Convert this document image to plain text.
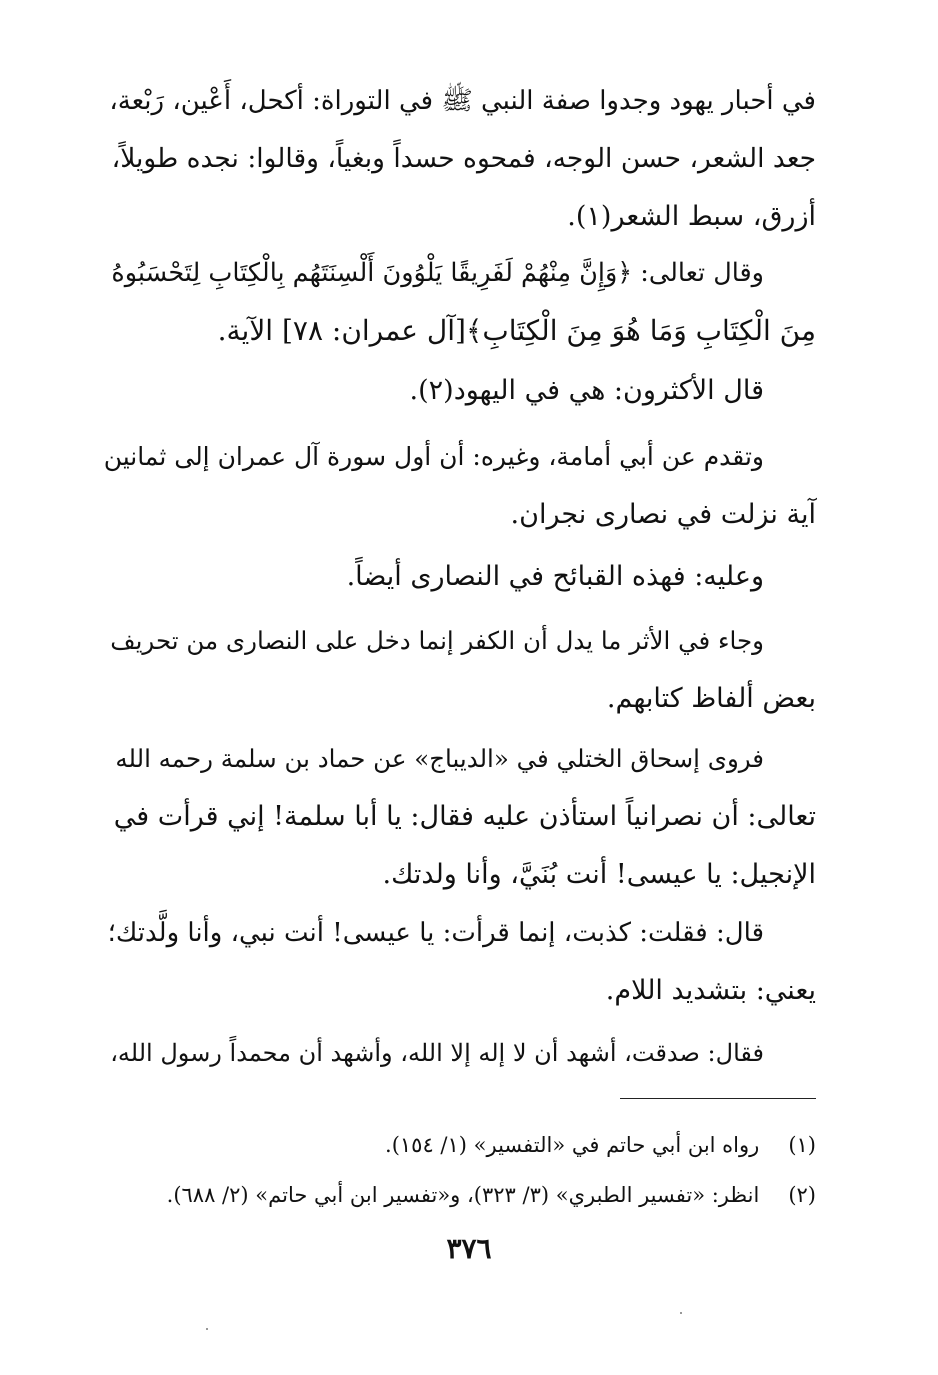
في أحبار يهود وجدوا صفة النبي ﷺ في التوراة: أكحل، أَعْين، رَبْعة،
جعد الشعر، حسن الوجه، فمحوه حسداً وبغياً، وقالوا: نجده طويلاً،
أزرق، سبط الشعر(١).
وقال تعالى: ﴿وَإِنَّ مِنْهُمْ لَفَرِيقًا يَلْوُونَ أَلْسِنَتَهُم بِالْكِتَابِ لِتَحْسَبُوهُ
مِنَ الْكِتَابِ وَمَا هُوَ مِنَ الْكِتَابِ﴾[آل عمران: ٧٨] الآية.
قال الأكثرون: هي في اليهود(٢).
وتقدم عن أبي أمامة، وغيره: أن أول سورة آل عمران إلى ثمانين
آية نزلت في نصارى نجران.
وعليه: فهذه القبائح في النصارى أيضاً.
وجاء في الأثر ما يدل أن الكفر إنما دخل على النصارى من تحريف
بعض ألفاظ كتابهم.
فروى إسحاق الختلي في «الديباج» عن حماد بن سلمة رحمه الله
تعالى: أن نصرانياً استأذن عليه فقال: يا أبا سلمة! إني قرأت في
الإنجيل: يا عيسى! أنت بُنَيَّ، وأنا ولدتك.
قال: فقلت: كذبت، إنما قرأت: يا عيسى! أنت نبي، وأنا ولَّدتك؛
يعني: بتشديد اللام.
فقال: صدقت، أشهد أن لا إله إلا الله، وأشهد أن محمداً رسول الله،
(١) رواه ابن أبي حاتم في «التفسير» (١/ ١٥٤).
(٢) انظر: «تفسير الطبري» (٣/ ٣٢٣)، و«تفسير ابن أبي حاتم» (٢/ ٦٨٨).
٣٧٦
